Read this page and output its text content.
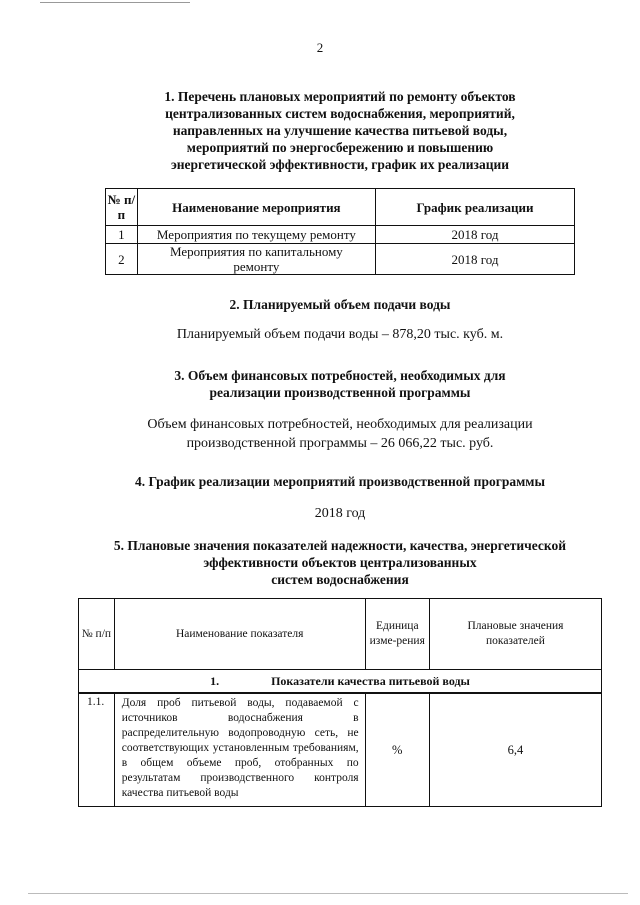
2
1. Перечень плановых мероприятий по ремонту объектов
централизованных систем водоснабжения, мероприятий,
направленных на улучшение качества питьевой воды,
мероприятий по энергосбережению и повышению
энергетической эффективности, график их реализации
№ п/п	Наименование мероприятия	График реализации
1	Мероприятия по текущему ремонту	2018 год
2	Мероприятия по капитальному ремонту	2018 год
2. Планируемый объем подачи воды
Планируемый объем подачи воды – 878,20 тыс. куб. м.
3. Объем финансовых потребностей, необходимых для
реализации производственной программы
Объем финансовых потребностей, необходимых для реализации
производственной программы – 26 066,22 тыс. руб.
4. График реализации мероприятий производственной программы
2018 год
5. Плановые значения показателей надежности, качества, энергетической
эффективности объектов централизованных
систем водоснабжения
№ п/п	Наименование показателя	Единица изме-рения	Плановые значения показателей
1. Показатели качества питьевой воды			
1.1.	Доля проб питьевой воды, подаваемой с источников водоснабжения в распределительную водопроводную сеть, не соответствующих установленным требованиям, в общем объеме проб, отобранных по результатам производственного контроля качества питьевой воды	%	6,4
